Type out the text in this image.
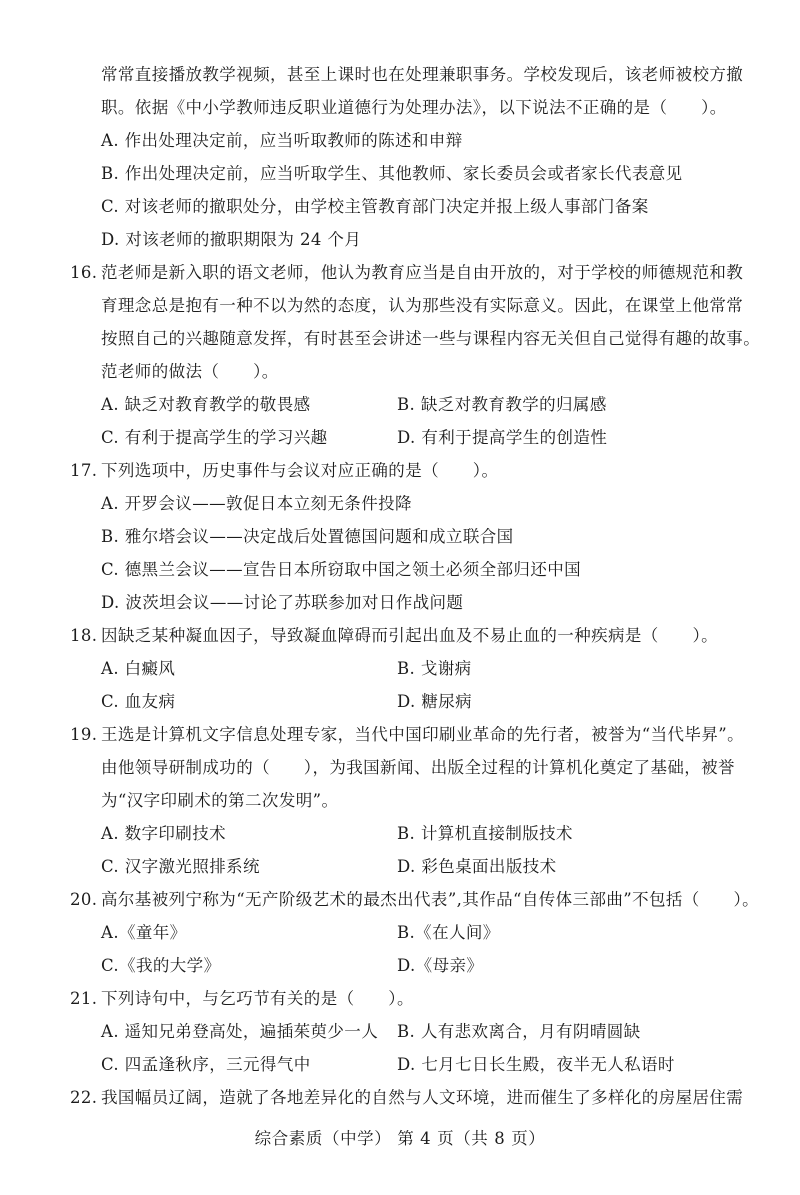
常常直接播放教学视频，甚至上课时也在处理兼职事务。学校发现后，该老师被校方撤
职。依据《中小学教师违反职业道德行为处理办法》，以下说法不正确的是（　　）。
A. 作出处理决定前，应当听取教师的陈述和申辩
B. 作出处理决定前，应当听取学生、其他教师、家长委员会或者家长代表意见
C. 对该老师的撤职处分，由学校主管教育部门决定并报上级人事部门备案
D. 对该老师的撤职期限为 24 个月
16. 范老师是新入职的语文老师，他认为教育应当是自由开放的，对于学校的师德规范和教
育理念总是抱有一种不以为然的态度，认为那些没有实际意义。因此，在课堂上他常常
按照自己的兴趣随意发挥，有时甚至会讲述一些与课程内容无关但自己觉得有趣的故事。
范老师的做法（　　）。
A. 缺乏对教育教学的敬畏感	B. 缺乏对教育教学的归属感
C. 有利于提高学生的学习兴趣	D. 有利于提高学生的创造性
17. 下列选项中，历史事件与会议对应正确的是（　　）。
A. 开罗会议——敦促日本立刻无条件投降
B. 雅尔塔会议——决定战后处置德国问题和成立联合国
C. 德黑兰会议——宣告日本所窃取中国之领土必须全部归还中国
D. 波茨坦会议——讨论了苏联参加对日作战问题
18. 因缺乏某种凝血因子，导致凝血障碍而引起出血及不易止血的一种疾病是（　　）。
A. 白癜风	B. 戈谢病
C. 血友病	D. 糖尿病
19. 王选是计算机文字信息处理专家，当代中国印刷业革命的先行者，被誉为“当代毕昇”。
由他领导研制成功的（　　），为我国新闻、出版全过程的计算机化奠定了基础，被誉
为“汉字印刷术的第二次发明”。
A. 数字印刷技术	B. 计算机直接制版技术
C. 汉字激光照排系统	D. 彩色桌面出版技术
20. 高尔基被列宁称为“无产阶级艺术的最杰出代表”,其作品“自传体三部曲”不包括（　　）。
A.《童年》	B.《在人间》
C.《我的大学》	D.《母亲》
21. 下列诗句中，与乞巧节有关的是（　　）。
A. 遥知兄弟登高处，遍插茱萸少一人 B. 人有悲欢离合，月有阴晴圆缺
C. 四孟逢秋序，三元得气中	D. 七月七日长生殿，夜半无人私语时
22. 我国幅员辽阔，造就了各地差异化的自然与人文环境，进而催生了多样化的房屋居住需
综合素质（中学） 第 4 页（共 8 页）
